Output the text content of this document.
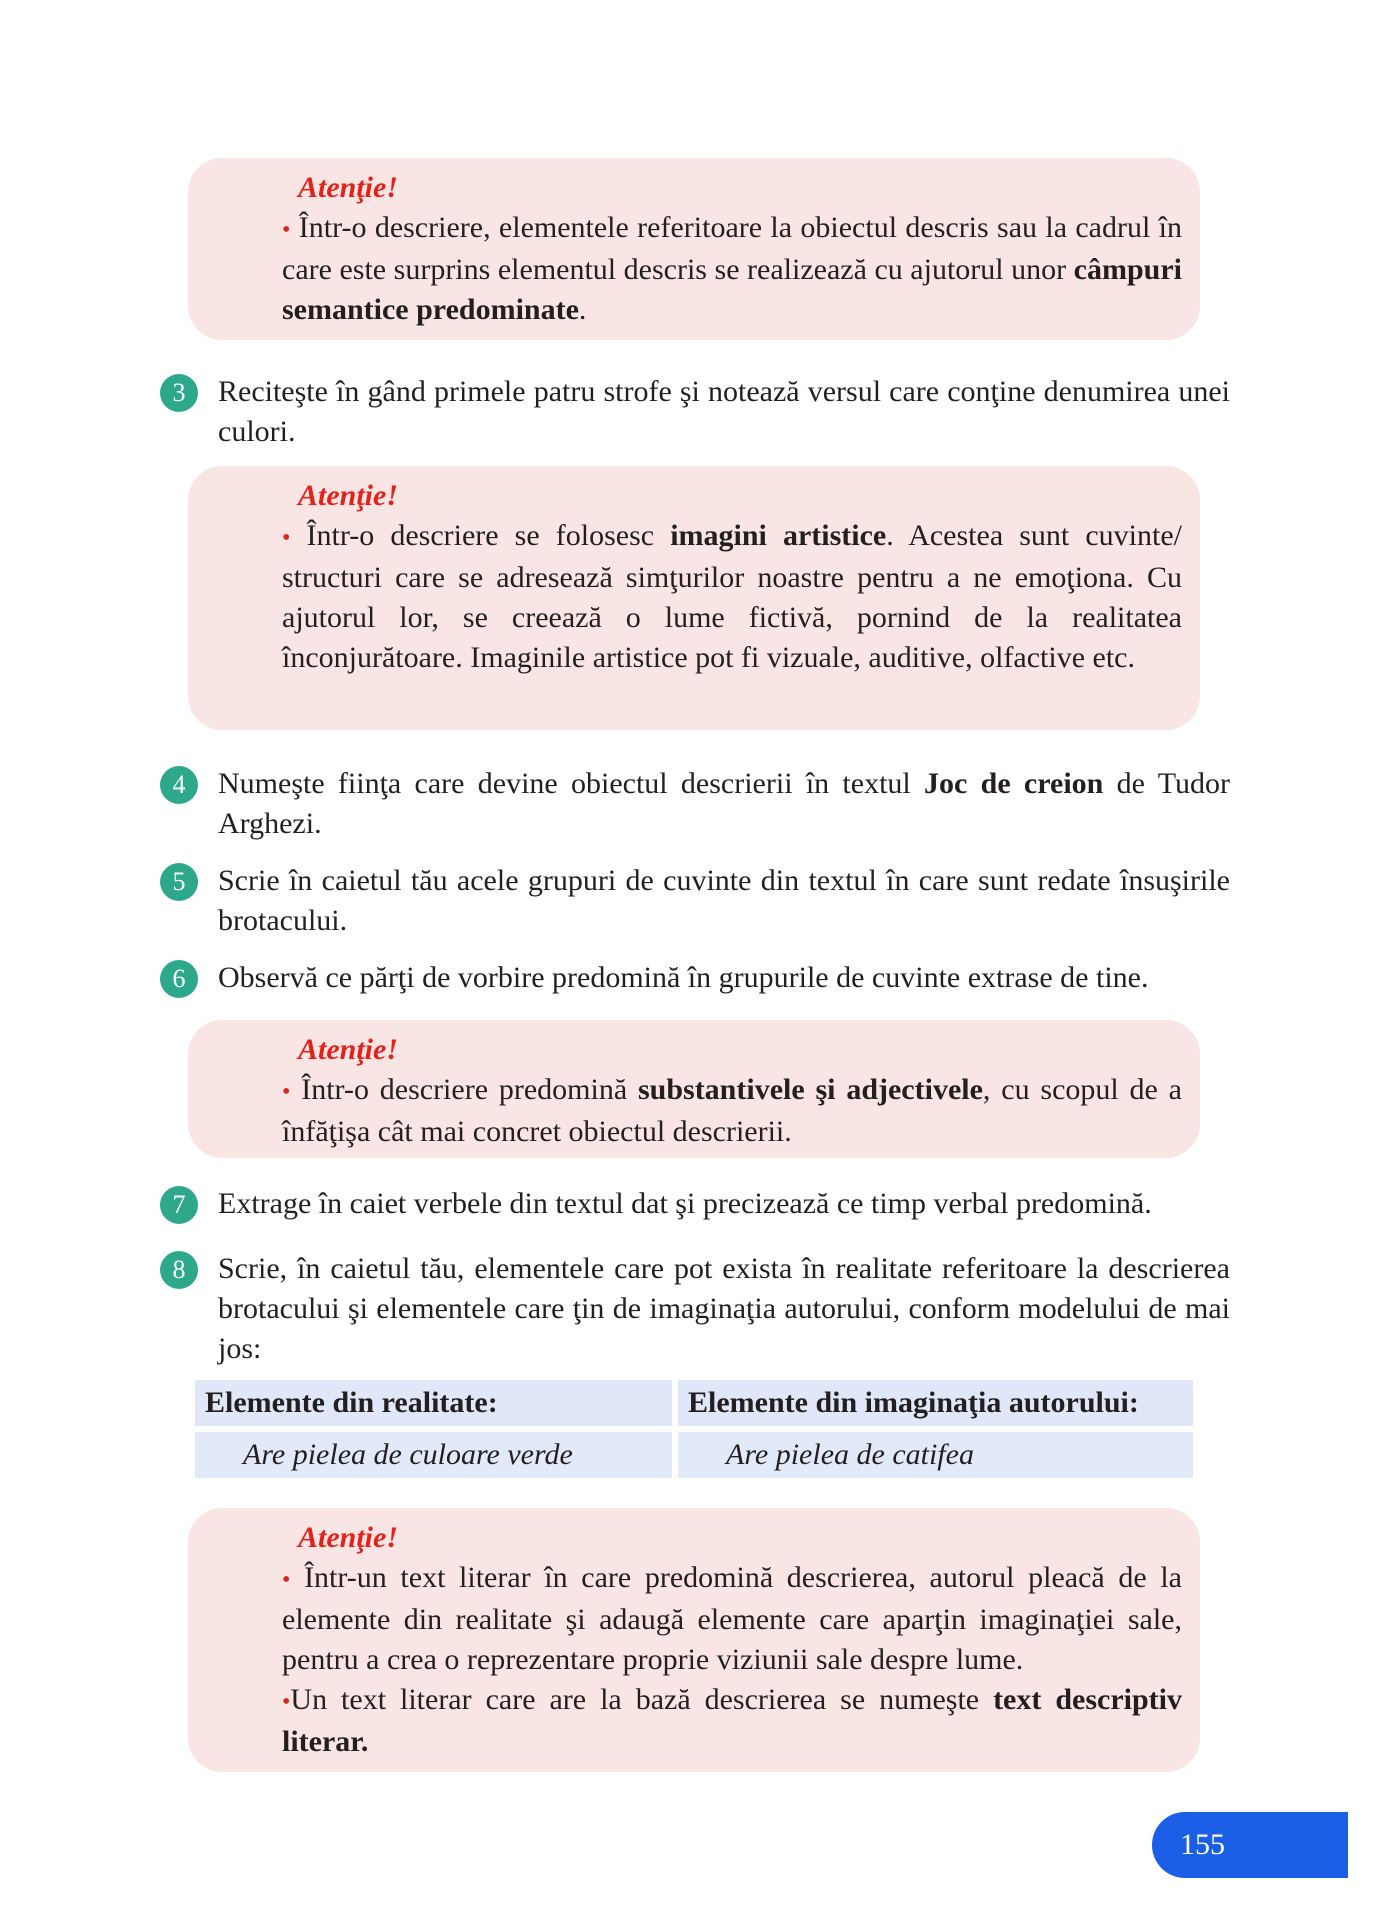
Atenţie!
• Într-o descriere, elementele referitoare la obiectul descris sau la cadrul în care este surprins elementul descris se realizează cu ajutorul unor câmpuri semantice predominate.
3	Reciteşte în gând primele patru strofe şi notează versul care conţine denumirea unei culori.
Atenţie!
• Într-o descriere se folosesc imagini artistice. Acestea sunt cuvinte/ structuri care se adresează simţurilor noastre pentru a ne emoţiona. Cu ajutorul lor, se creează o lume fictivă, pornind de la realitatea înconjurătoare. Imaginile artistice pot fi vizuale, auditive, olfactive etc.
4	Numeşte fiinţa care devine obiectul descrierii în textul Joc de creion de Tudor Arghezi.
5	Scrie în caietul tău acele grupuri de cuvinte din textul în care sunt redate însuşirile brotacului.
6	Observă ce părţi de vorbire predomină în grupurile de cuvinte extrase de tine.
Atenţie!
• Într-o descriere predomină substantivele şi adjectivele, cu scopul de a înfăţişa cât mai concret obiectul descrierii.
7	Extrage în caiet verbele din textul dat şi precizează ce timp verbal predomină.
8	Scrie, în caietul tău, elementele care pot exista în realitate referitoare la descrierea brotacului şi elementele care ţin de imaginaţia autorului, conform modelului de mai jos:
Elemente din realitate:	Elemente din imaginaţia autorului:
Are pielea de culoare verde	Are pielea de catifea
Atenţie!
• Într-un text literar în care predomină descrierea, autorul pleacă de la elemente din realitate şi adaugă elemente care aparţin imaginaţiei sale, pentru a crea o reprezentare proprie viziunii sale despre lume.
•Un text literar care are la bază descrierea se numeşte text descriptiv literar.
155
